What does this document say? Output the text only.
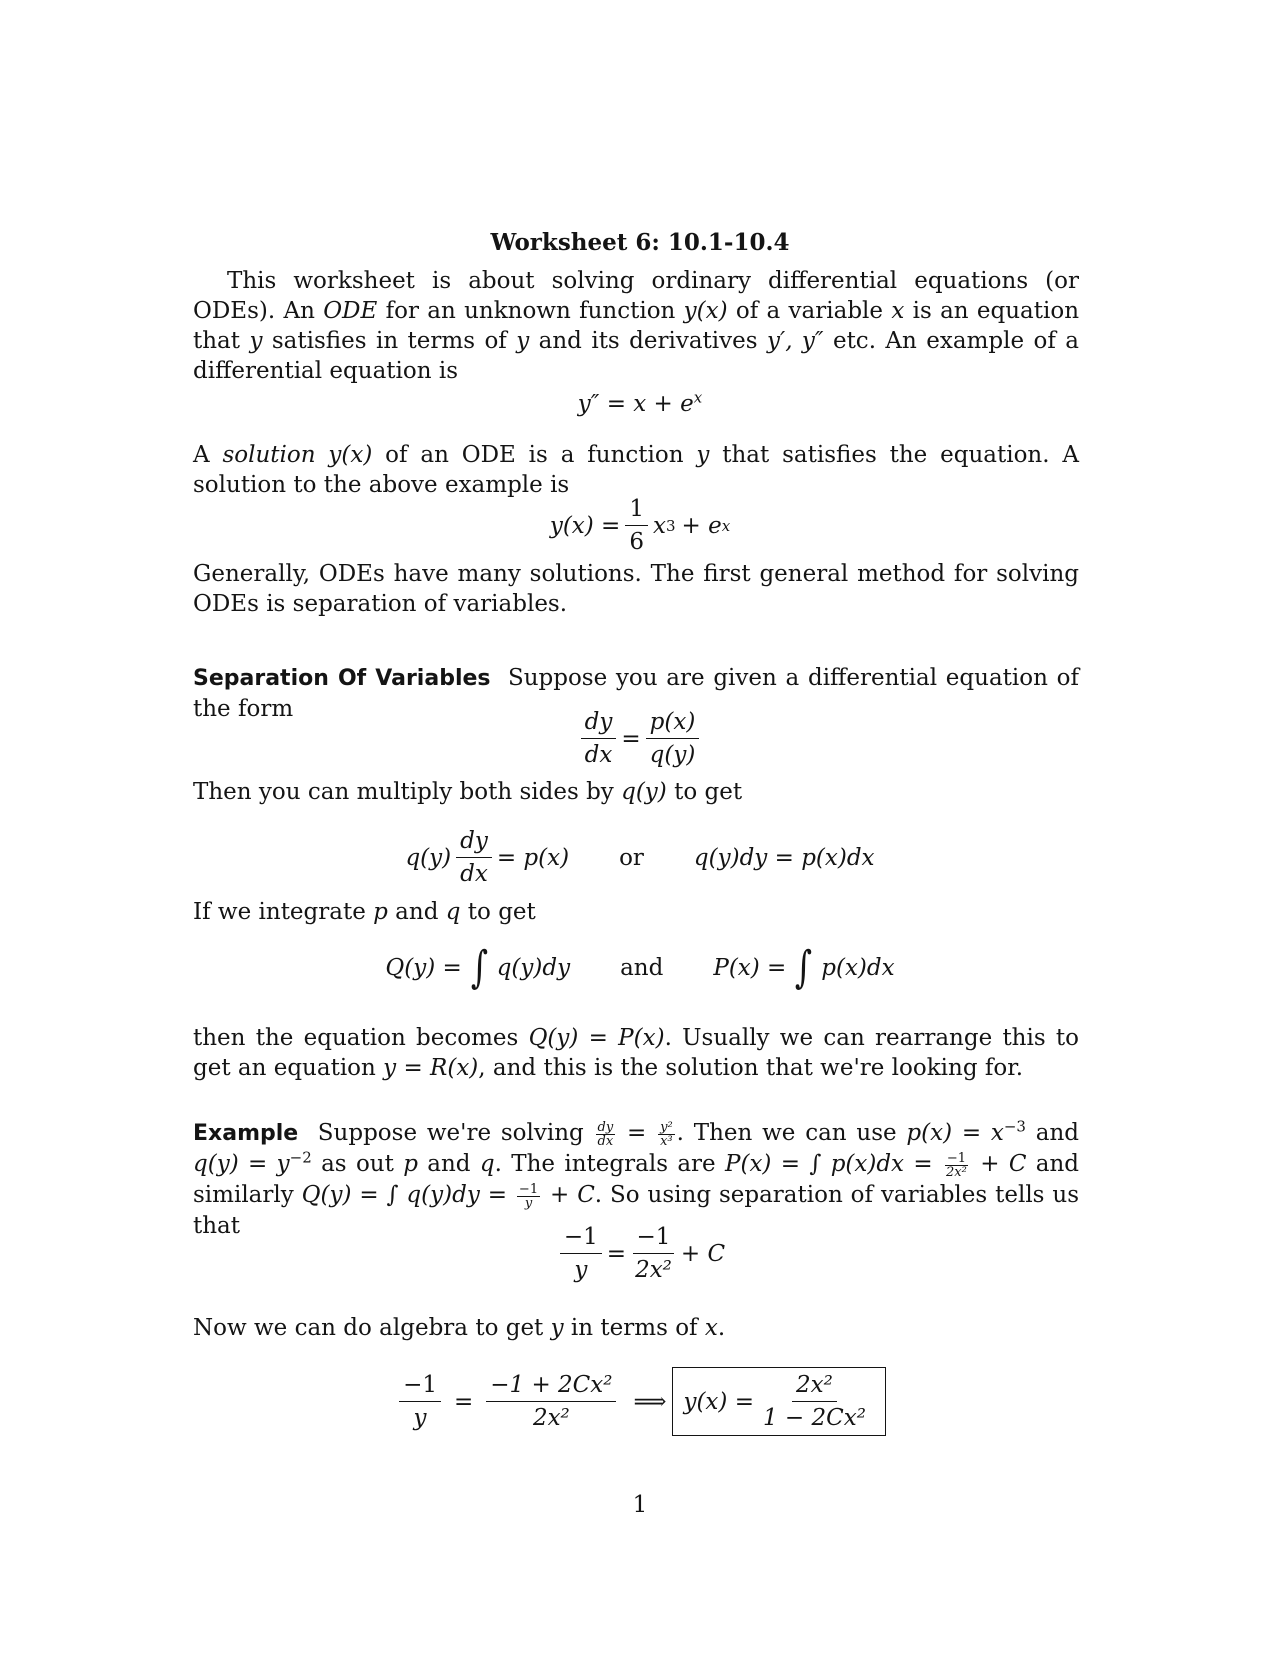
Worksheet 6: 10.1-10.4
This worksheet is about solving ordinary differential equations (or ODEs). An ODE for an unknown function y(x) of a variable x is an equation that y satisfies in terms of y and its derivatives y′, y″ etc. An example of a differential equation is
$y'' = x + e^x$
A solution y(x) of an ODE is a function y that satisfies the equation. A solution to the above example is
$y(x) = \frac{1}{6}$ x 3 + e x
Generally, ODEs have many solutions. The first general method for solving ODEs is separation of variables.
Separation Of Variables Suppose you are given a differential equation of the form	$\frac{dy}{dx} = \frac{p(x)}{q(y)}$
Then you can multiply both sides by q(y) to get
$q(y) \frac{dy}{dx} = p(x)$ or q(y)dy = p(x)dx
If we integrate p and q to get
Q(y) = ∫ q(y)dy and P(x) = ∫ p(x)dx
then the equation becomes Q(y) = P(x). Usually we can rearrange this to get an equation y = R(x), and this is the solution that we're looking for.
Example Suppose we're solving $\frac{dy}{dx} = \frac{\text{y²}}{\text{x³}}$ . Then we can use $p(x) = x^{-3}$ and $q(y) = y^{-2}$ as out p and q. The integrals are P(x) = ∫ $p(x)dx = \frac{-1}{\text{2x²}} + C$ and similarly Q(y) = ∫ $q(y)dy = \frac{-1}{y} + C$. So using separation of variables tells us that	$\frac{-1}{y} = \frac{-1}{\text{2x²}} + C$
Now we can do algebra to get y in terms of x.
$\frac{-1}{y} = \frac{\text{−1 + 2Cx²}}{\text{2x²}}$ ⟹ $y(x) = \frac{\text{2x²}}{\text{1 − 2Cx²}}$
1
